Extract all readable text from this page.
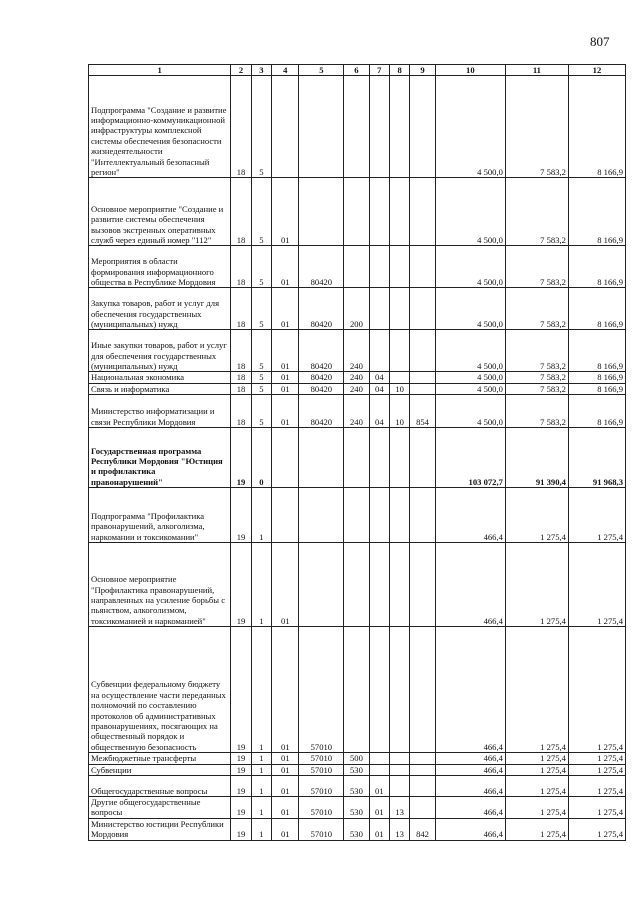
807
1	2	3	4	5	6	7	8	9	10	11	12
Подпрограмма "Создание и развитие информационно-коммуникационной инфраструктуры комплексной системы обеспечения безопасности жизнедеятельности "Интеллектуальный безопасный регион"	18	5							4 500,0	7 583,2	8 166,9
Основное мероприятие "Создание и развитие системы обеспечения вызовов экстренных оперативных служб через единый номер "112"	18	5	01						4 500,0	7 583,2	8 166,9
Мероприятия в области формирования информационного общества в Республике Мордовия	18	5	01	80420					4 500,0	7 583,2	8 166,9
Закупка товаров, работ и услуг для обеспечения государственных (муниципальных) нужд	18	5	01	80420	200				4 500,0	7 583,2	8 166,9
Иные закупки товаров, работ и услуг для обеспечения государственных (муниципальных) нужд	18	5	01	80420	240				4 500,0	7 583,2	8 166,9
Национальная экономика	18	5	01	80420	240	04			4 500,0	7 583,2	8 166,9
Связь и информатика	18	5	01	80420	240	04	10		4 500,0	7 583,2	8 166,9
Министерство информатизации и связи Республики Мордовия	18	5	01	80420	240	04	10	854	4 500,0	7 583,2	8 166,9
Государственная программа Республики Мордовия "Юстиция и профилактика правонарушений"	19	0							103 072,7	91 390,4	91 968,3
Подпрограмма "Профилактика правонарушений, алкоголизма, наркомании и токсикомании"	19	1							466,4	1 275,4	1 275,4
Основное мероприятие "Профилактика правонарушений, направленных на усиление борьбы с пьянством, алкоголизмом, токсикоманией и наркоманией"	19	1	01						466,4	1 275,4	1 275,4
Субвенции федеральному бюджету на осуществление части переданных полномочий по составлению протоколов об административных правонарушениях, посягающих на общественный порядок и общественную безопасность	19	1	01	57010					466,4	1 275,4	1 275,4
Межбюджетные трансферты	19	1	01	57010	500				466,4	1 275,4	1 275,4
Субвенции	19	1	01	57010	530				466,4	1 275,4	1 275,4
Общегосударственные вопросы	19	1	01	57010	530	01			466,4	1 275,4	1 275,4
Другие общегосударственные вопросы	19	1	01	57010	530	01	13		466,4	1 275,4	1 275,4
Министерство юстиции Республики Мордовия	19	1	01	57010	530	01	13	842	466,4	1 275,4	1 275,4
